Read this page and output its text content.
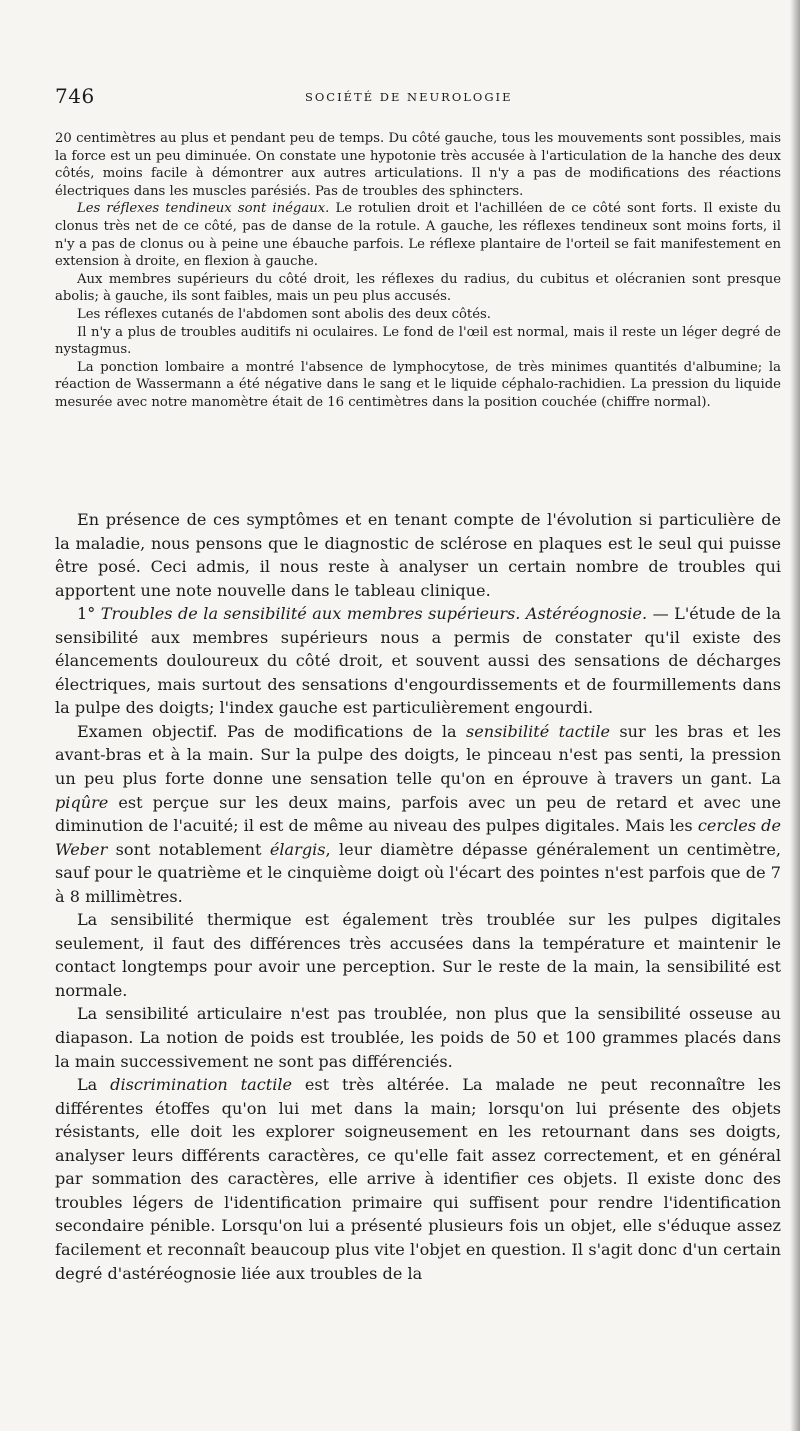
746	SOCIÉTÉ DE NEUROLOGIE

20 centimètres au plus et pendant peu de temps. Du côté gauche, tous les mouvements sont possibles, mais la force est un peu diminuée. On constate une hypotonie très accusée à l'articulation de la hanche des deux côtés, moins facile à démontrer aux autres articulations. Il n'y a pas de modifications des réactions électriques dans les muscles parésiés. Pas de troubles des sphincters.

Les réflexes tendineux sont inégaux. Le rotulien droit et l'achilléen de ce côté sont forts. Il existe du clonus très net de ce côté, pas de danse de la rotule. A gauche, les réflexes tendineux sont moins forts, il n'y a pas de clonus ou à peine une ébauche parfois. Le réflexe plantaire de l'orteil se fait manifestement en extension à droite, en flexion à gauche.

Aux membres supérieurs du côté droit, les réflexes du radius, du cubitus et olécranien sont presque abolis; à gauche, ils sont faibles, mais un peu plus accusés.

Les réflexes cutanés de l'abdomen sont abolis des deux côtés.

Il n'y a plus de troubles auditifs ni oculaires. Le fond de l'œil est normal, mais il reste un léger degré de nystagmus.

La ponction lombaire a montré l'absence de lymphocytose, de très minimes quantités d'albumine; la réaction de Wassermann a été négative dans le sang et le liquide céphalo-rachidien. La pression du liquide mesurée avec notre manomètre était de 16 centimètres dans la position couchée (chiffre normal).

En présence de ces symptômes et en tenant compte de l'évolution si particulière de la maladie, nous pensons que le diagnostic de sclérose en plaques est le seul qui puisse être posé. Ceci admis, il nous reste à analyser un certain nombre de troubles qui apportent une note nouvelle dans le tableau clinique.

1° Troubles de la sensibilité aux membres supérieurs. Astéréognosie. — L'étude de la sensibilité aux membres supérieurs nous a permis de constater qu'il existe des élancements douloureux du côté droit, et souvent aussi des sensations de décharges électriques, mais surtout des sensations d'engourdissements et de fourmillements dans la pulpe des doigts; l'index gauche est particulièrement engourdi.

Examen objectif. Pas de modifications de la sensibilité tactile sur les bras et les avant-bras et à la main. Sur la pulpe des doigts, le pinceau n'est pas senti, la pression un peu plus forte donne une sensation telle qu'on en éprouve à travers un gant. La piqûre est perçue sur les deux mains, parfois avec un peu de retard et avec une diminution de l'acuité; il est de même au niveau des pulpes digitales. Mais les cercles de Weber sont notablement élargis, leur diamètre dépasse généralement un centimètre, sauf pour le quatrième et le cinquième doigt où l'écart des pointes n'est parfois que de 7 à 8 millimètres.

La sensibilité thermique est également très troublée sur les pulpes digitales seulement, il faut des différences très accusées dans la température et maintenir le contact longtemps pour avoir une perception. Sur le reste de la main, la sensibilité est normale.

La sensibilité articulaire n'est pas troublée, non plus que la sensibilité osseuse au diapason. La notion de poids est troublée, les poids de 50 et 100 grammes placés dans la main successivement ne sont pas différenciés.

La discrimination tactile est très altérée. La malade ne peut reconnaître les différentes étoffes qu'on lui met dans la main; lorsqu'on lui présente des objets résistants, elle doit les explorer soigneusement en les retournant dans ses doigts, analyser leurs différents caractères, ce qu'elle fait assez correctement, et en général par sommation des caractères, elle arrive à identifier ces objets. Il existe donc des troubles légers de l'identification primaire qui suffisent pour rendre l'identification secondaire pénible. Lorsqu'on lui a présenté plusieurs fois un objet, elle s'éduque assez facilement et reconnaît beaucoup plus vite l'objet en question. Il s'agit donc d'un certain degré d'astéréognosie liée aux troubles de la
